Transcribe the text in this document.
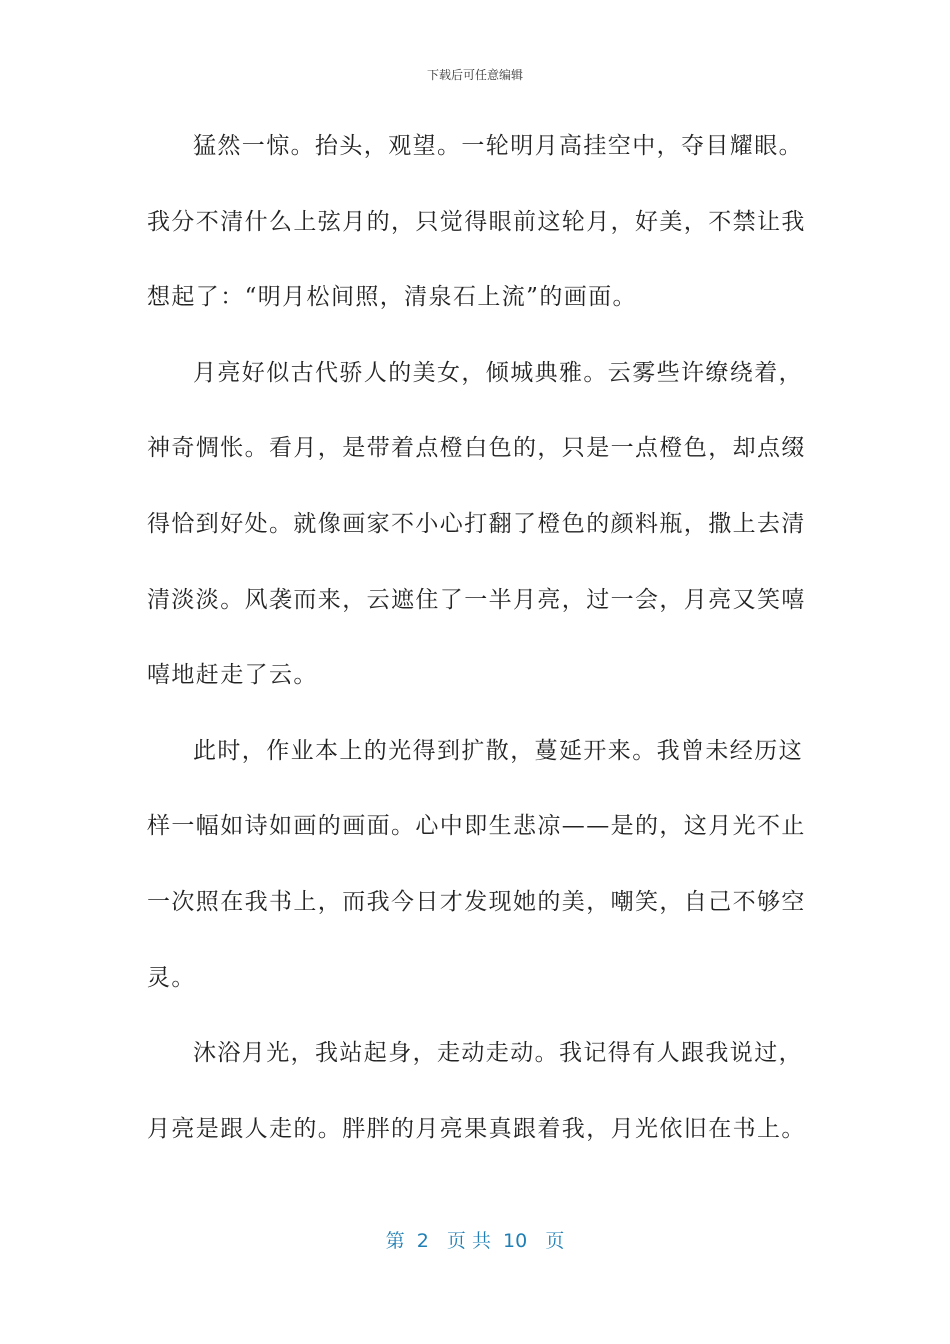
下载后可任意编辑
猛然一惊。抬头，观望。一轮明月高挂空中，夺目耀眼。
我分不清什么上弦月的，只觉得眼前这轮月，好美，不禁让我
想起了：“明月松间照，清泉石上流”的画面。
月亮好似古代骄人的美女，倾城典雅。云雾些许缭绕着，
神奇惆怅。看月，是带着点橙白色的，只是一点橙色，却点缀
得恰到好处。就像画家不小心打翻了橙色的颜料瓶，撒上去清
清淡淡。风袭而来，云遮住了一半月亮，过一会，月亮又笑嘻
嘻地赶走了云。
此时，作业本上的光得到扩散，蔓延开来。我曾未经历这
样一幅如诗如画的画面。心中即生悲凉——是的，这月光不止
一次照在我书上，而我今日才发现她的美，嘲笑，自己不够空
灵。
沐浴月光，我站起身，走动走动。我记得有人跟我说过，
月亮是跟人走的。胖胖的月亮果真跟着我，月光依旧在书上。
第  2   页 共  10   页
